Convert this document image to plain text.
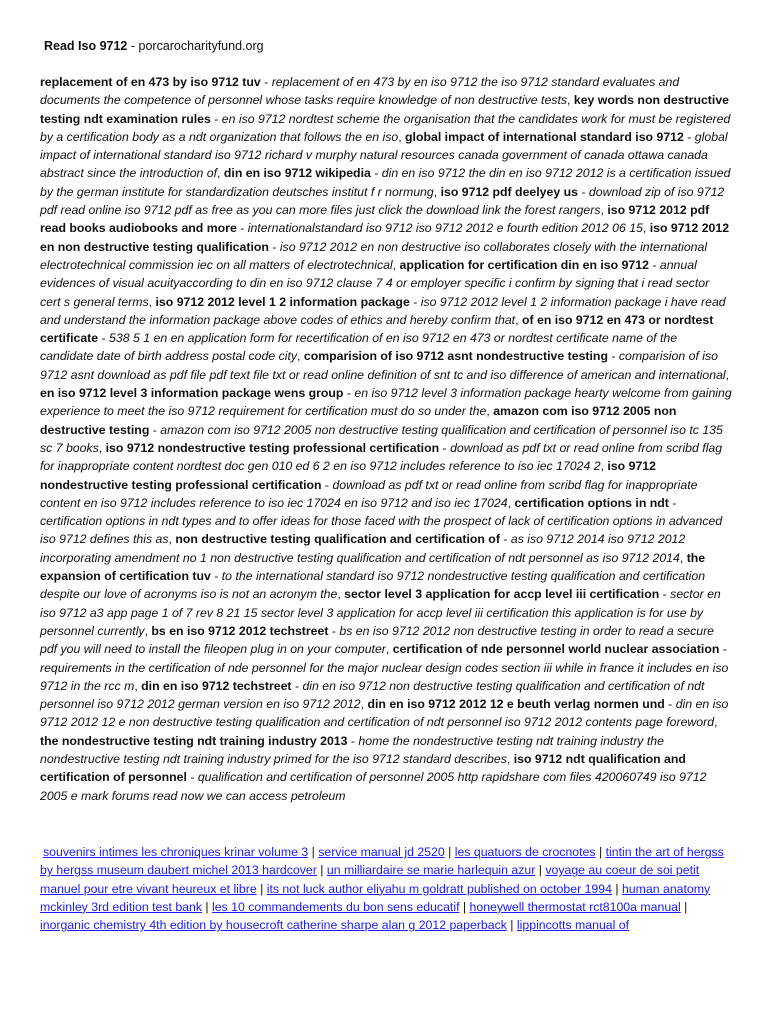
Read Iso 9712 - porcarocharityfund.org
replacement of en 473 by iso 9712 tuv - replacement of en 473 by en iso 9712 the iso 9712 standard evaluates and documents the competence of personnel whose tasks require knowledge of non destructive tests, key words non destructive testing ndt examination rules - en iso 9712 nordtest scheme the organisation that the candidates work for must be registered by a certification body as a ndt organization that follows the en iso, global impact of international standard iso 9712 - global impact of international standard iso 9712 richard v murphy natural resources canada government of canada ottawa canada abstract since the introduction of, din en iso 9712 wikipedia - din en iso 9712 the din en iso 9712 2012 is a certification issued by the german institute for standardization deutsches institut f r normung, iso 9712 pdf deelyey us - download zip of iso 9712 pdf read online iso 9712 pdf as free as you can more files just click the download link the forest rangers, iso 9712 2012 pdf read books audiobooks and more - internationalstandard iso 9712 iso 9712 2012 e fourth edition 2012 06 15, iso 9712 2012 en non destructive testing qualification - iso 9712 2012 en non destructive iso collaborates closely with the international electrotechnical commission iec on all matters of electrotechnical, application for certification din en iso 9712 - annual evidences of visual acuityaccording to din en iso 9712 clause 7 4 or employer specific i confirm by signing that i read sector cert s general terms, iso 9712 2012 level 1 2 information package - iso 9712 2012 level 1 2 information package i have read and understand the information package above codes of ethics and hereby confirm that, of en iso 9712 en 473 or nordtest certificate - 538 5 1 en en application form for recertification of en iso 9712 en 473 or nordtest certificate name of the candidate date of birth address postal code city, comparision of iso 9712 asnt nondestructive testing - comparision of iso 9712 asnt download as pdf file pdf text file txt or read online definition of snt tc and iso difference of american and international, en iso 9712 level 3 information package wens group - en iso 9712 level 3 information package hearty welcome from gaining experience to meet the iso 9712 requirement for certification must do so under the, amazon com iso 9712 2005 non destructive testing - amazon com iso 9712 2005 non destructive testing qualification and certification of personnel iso tc 135 sc 7 books, iso 9712 nondestructive testing professional certification - download as pdf txt or read online from scribd flag for inappropriate content nordtest doc gen 010 ed 6 2 en iso 9712 includes reference to iso iec 17024 2, iso 9712 nondestructive testing professional certification - download as pdf txt or read online from scribd flag for inappropriate content en iso 9712 includes reference to iso iec 17024 en iso 9712 and iso iec 17024, certification options in ndt - certification options in ndt types and to offer ideas for those faced with the prospect of lack of certification options in advanced iso 9712 defines this as, non destructive testing qualification and certification of - as iso 9712 2014 iso 9712 2012 incorporating amendment no 1 non destructive testing qualification and certification of ndt personnel as iso 9712 2014, the expansion of certification tuv - to the international standard iso 9712 nondestructive testing qualification and certification despite our love of acronyms iso is not an acronym the, sector level 3 application for accp level iii certification - sector en iso 9712 a3 app page 1 of 7 rev 8 21 15 sector level 3 application for accp level iii certification this application is for use by personnel currently, bs en iso 9712 2012 techstreet - bs en iso 9712 2012 non destructive testing in order to read a secure pdf you will need to install the fileopen plug in on your computer, certification of nde personnel world nuclear association - requirements in the certification of nde personnel for the major nuclear design codes section iii while in france it includes en iso 9712 in the rcc m, din en iso 9712 techstreet - din en iso 9712 non destructive testing qualification and certification of ndt personnel iso 9712 2012 german version en iso 9712 2012, din en iso 9712 2012 12 e beuth verlag normen und - din en iso 9712 2012 12 e non destructive testing qualification and certification of ndt personnel iso 9712 2012 contents page foreword, the nondestructive testing ndt training industry 2013 - home the nondestructive testing ndt training industry the nondestructive testing ndt training industry primed for the iso 9712 standard describes, iso 9712 ndt qualification and certification of personnel - qualification and certification of personnel 2005 http rapidshare com files 420060749 iso 9712 2005 e mark forums read now we can access petroleum
souvenirs intimes les chroniques krinar volume 3 | service manual jd 2520 | les quatuors de crocnotes | tintin the art of hergss by hergss museum daubert michel 2013 hardcover | un milliardaire se marie harlequin azur | voyage au coeur de soi petit manuel pour etre vivant heureux et libre | its not luck author eliyahu m goldratt published on october 1994 | human anatomy mckinley 3rd edition test bank | les 10 commandements du bon sens educatif | honeywell thermostat rct8100a manual | inorganic chemistry 4th edition by housecroft catherine sharpe alan g 2012 paperback | lippincotts manual of
